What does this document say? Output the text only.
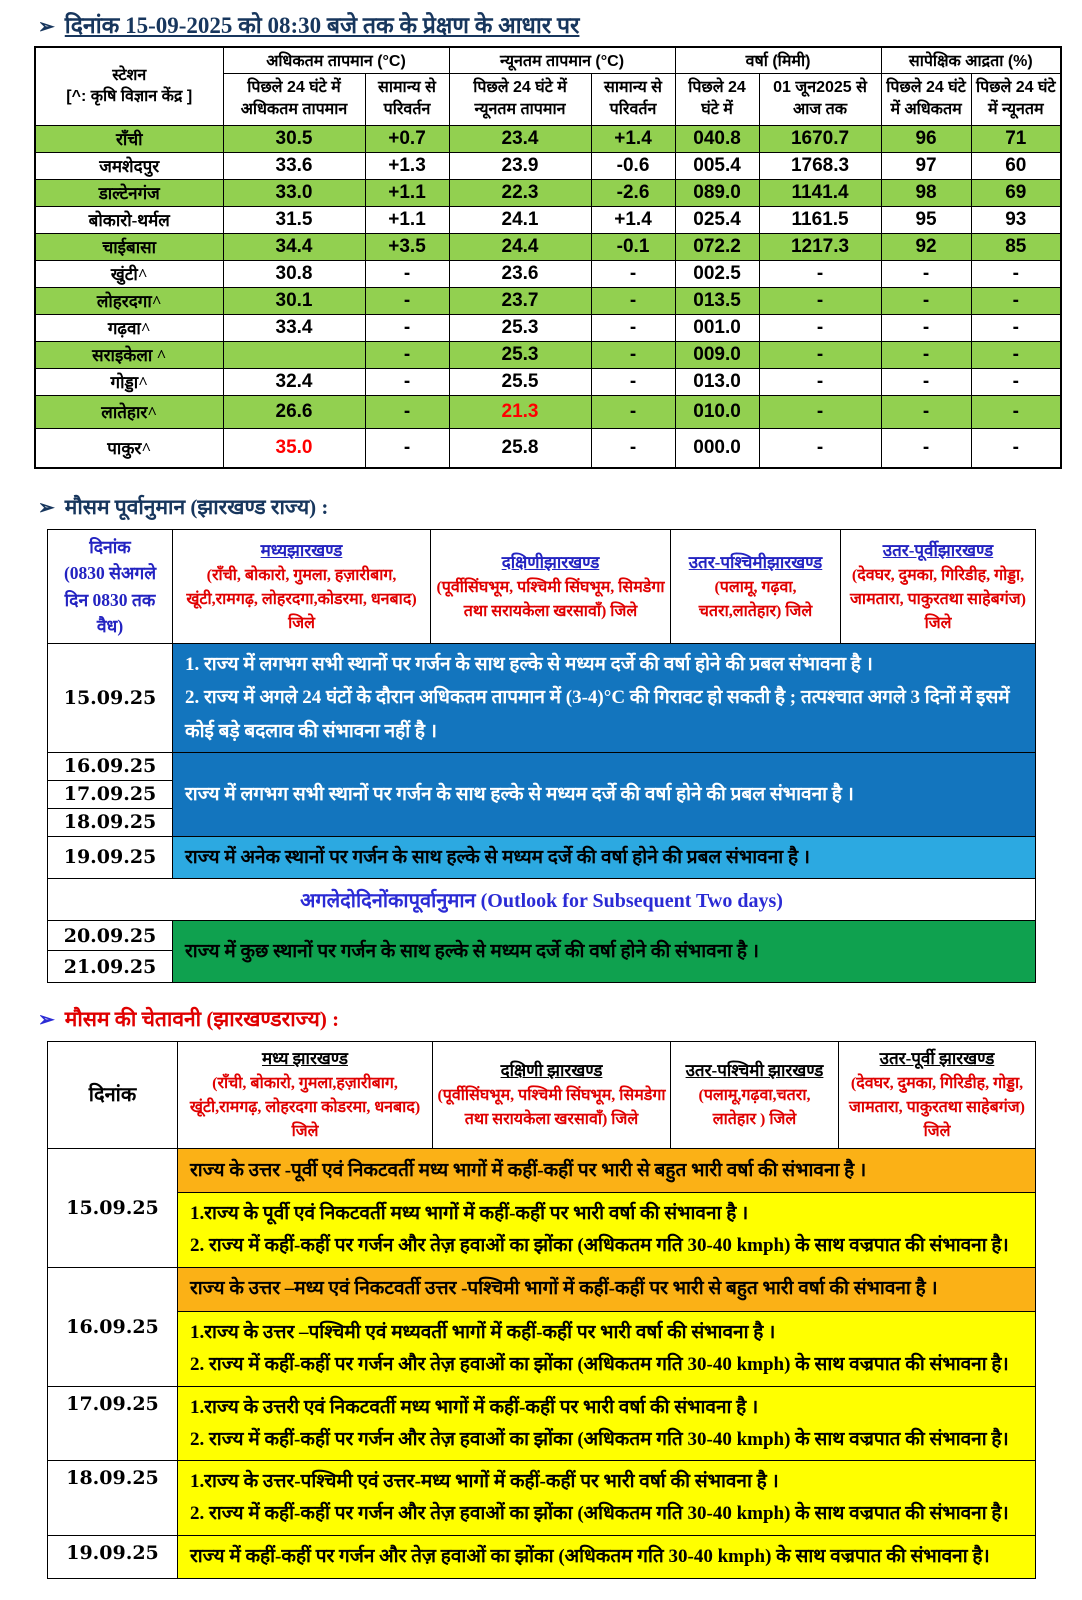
➢ दिनांक 15-09-2025 को 08:30 बजे तक के प्रेक्षण के आधार पर
स्टेशन
[^: कृषि विज्ञान केंद्र ]	अधिकतम तापमान (°C)		न्यूनतम तापमान (°C)		वर्षा (मिमी)		सापेक्षिक आद्रता (%)	
	पिछले 24 घंटे में अधिकतम तापमान	सामान्य से परिवर्तन	पिछले 24 घंटे में न्यूनतम तापमान	सामान्य से परिवर्तन	पिछले 24 घंटे में	01 जून2025 से आज तक	पिछले 24 घंटे में अधिकतम	पिछले 24 घंटे में न्यूनतम
राँची	30.5	+0.7	23.4	+1.4	040.8	1670.7	96	71
जमशेदपुर	33.6	+1.3	23.9	-0.6	005.4	1768.3	97	60
डाल्टेनगंज	33.0	+1.1	22.3	-2.6	089.0	1141.4	98	69
बोकारो-थर्मल	31.5	+1.1	24.1	+1.4	025.4	1161.5	95	93
चाईबासा	34.4	+3.5	24.4	-0.1	072.2	1217.3	92	85
खुंटी^	30.8	-	23.6	-	002.5	-	-	-
लोहरदगा^	30.1	-	23.7	-	013.5	-	-	-
गढ़वा^	33.4	-	25.3	-	001.0	-	-	-
सराइकेला ^		-	25.3	-	009.0	-	-	-
गोड्डा^	32.4	-	25.5	-	013.0	-	-	-
लातेहार^	26.6	-	21.3	-	010.0	-	-	-
पाकुर^	35.0	-	25.8	-	000.0	-	-	-
➢ मौसम पूर्वानुमान (झारखण्ड राज्य) :
दिनांक
(0830 सेअगले दिन 0830 तक वैध)	मध्यझारखण्ड
(राँची, बोकारो, गुमला, हज़ारीबाग, खूंटी,रामगढ़, लोहरदगा,कोडरमा, धनबाद) जिले	दक्षिणीझारखण्ड
(पूर्वीसिंघभूम, पश्चिमी सिंघभूम, सिमडेगा तथा सरायकेला खरसावाँ) जिले	उतर-पश्चिमीझारखण्ड
(पलामू, गढ़वा, चतरा,लातेहार) जिले	उतर-पूर्वीझारखण्ड
(देवघर, दुमका, गिरिडीह, गोड्डा, जामतारा, पाकुरतथा साहेबगंज) जिले

15.09.25	1. राज्य में लगभग सभी स्थानों पर गर्जन के साथ हल्के से मध्यम दर्जे की वर्षा होने की प्रबल संभावना है ।
2. राज्य में अगले 24 घंटों के दौरान अधिकतम तापमान में (3-4)°C की गिरावट हो सकती है ; तत्पश्चात अगले 3 दिनों में इसमें कोई बड़े बदलाव की संभावना नहीं है ।			

16.09.25	राज्य में लगभग सभी स्थानों पर गर्जन के साथ हल्के से मध्यम दर्जे की वर्षा होने की प्रबल संभावना है ।			
17.09.25				
18.09.25				
19.09.25	राज्य में अनेक स्थानों पर गर्जन के साथ हल्के से मध्यम दर्जे की वर्षा होने की प्रबल संभावना है ।			
अगलेदोदिनोंकापूर्वानुमान (Outlook for Subsequent Two days)				
20.09.25	राज्य में कुछ स्थानों पर गर्जन के साथ हल्के से मध्यम दर्जे की वर्षा होने की संभावना है ।			
21.09.25				
➢ मौसम की चेतावनी (झारखण्डराज्य) :
दिनांक	मध्य झारखण्ड
(राँची, बोकारो, गुमला,हज़ारीबाग, खूंटी,रामगढ़, लोहरदगा कोडरमा, धनबाद) जिले	दक्षिणी झारखण्ड
(पूर्वीसिंघभूम, पश्चिमी सिंघभूम, सिमडेगा तथा सरायकेला खरसावाँ) जिले	उतर-पश्चिमी झारखण्ड
(पलामू,गढ़वा,चतरा, लातेहार ) जिले	उतर-पूर्वी झारखण्ड
(देवघर, दुमका, गिरिडीह, गोड्डा, जामतारा, पाकुरतथा साहेबगंज) जिले

15.09.25	राज्य के उत्तर -पूर्वी एवं निकटवर्ती मध्य भागों में कहीं-कहीं पर भारी से बहुत भारी वर्षा की संभावना है ।			

	1.राज्य के पूर्वी एवं निकटवर्ती मध्य भागों में कहीं-कहीं पर भारी वर्षा की संभावना है ।
2. राज्य में कहीं-कहीं पर गर्जन और तेज़ हवाओं का झोंका (अधिकतम गति 30-40 kmph) के साथ वज्रपात की संभावना है।			

16.09.25	राज्य के उत्तर –मध्य एवं निकटवर्ती उत्तर -पश्चिमी भागों में कहीं-कहीं पर भारी से बहुत भारी वर्षा की संभावना है ।			

	1.राज्य के उत्तर –पश्चिमी एवं मध्यवर्ती भागों में कहीं-कहीं पर भारी वर्षा की संभावना है ।
2. राज्य में कहीं-कहीं पर गर्जन और तेज़ हवाओं का झोंका (अधिकतम गति 30-40 kmph) के साथ वज्रपात की संभावना है।			

17.09.25	1.राज्य के उत्तरी एवं निकटवर्ती मध्य भागों में कहीं-कहीं पर भारी वर्षा की संभावना है ।
2. राज्य में कहीं-कहीं पर गर्जन और तेज़ हवाओं का झोंका (अधिकतम गति 30-40 kmph) के साथ वज्रपात की संभावना है।			

18.09.25	1.राज्य के उत्तर-पश्चिमी एवं उत्तर-मध्य भागों में कहीं-कहीं पर भारी वर्षा की संभावना है ।
2. राज्य में कहीं-कहीं पर गर्जन और तेज़ हवाओं का झोंका (अधिकतम गति 30-40 kmph) के साथ वज्रपात की संभावना है।			

19.09.25	राज्य में कहीं-कहीं पर गर्जन और तेज़ हवाओं का झोंका (अधिकतम गति 30-40 kmph) के साथ वज्रपात की संभावना है।			
